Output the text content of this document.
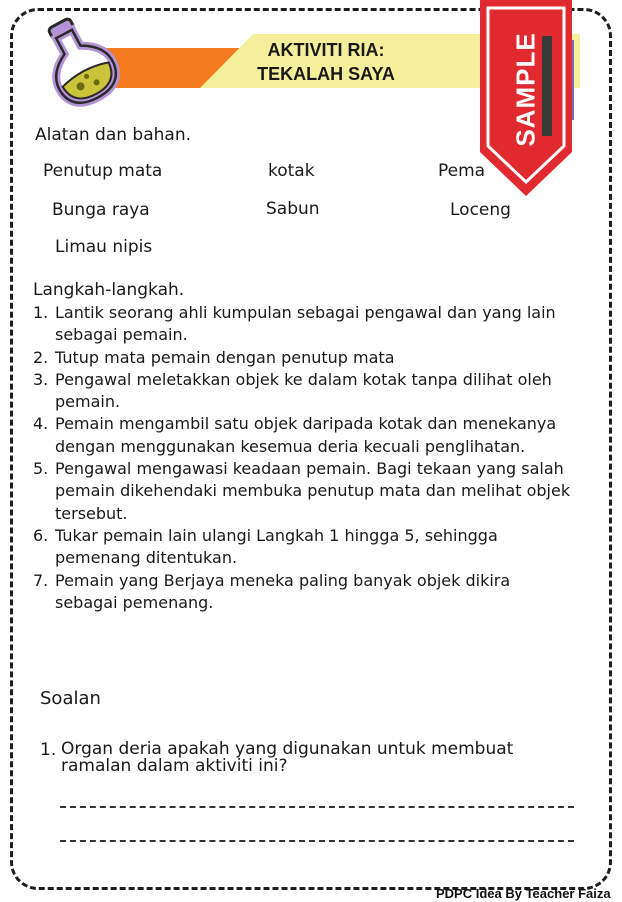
AKTIVITI RIA:
TEKALAH SAYA	SAMPLE
Alatan dan bahan.
Penutup mata	kotak	Pema
Bunga raya	Sabun	Loceng
Limau nipis
Langkah-langkah.
1. Lantik seorang ahli kumpulan sebagai pengawal dan yang lain sebagai pemain.
2. Tutup mata pemain dengan penutup mata
3. Pengawal meletakkan objek ke dalam kotak tanpa dilihat oleh pemain.
4. Pemain mengambil satu objek daripada kotak dan menekanya dengan menggunakan kesemua deria kecuali penglihatan.
5. Pengawal mengawasi keadaan pemain. Bagi tekaan yang salah pemain dikehendaki membuka penutup mata dan melihat objek tersebut.
6. Tukar pemain lain ulangi Langkah 1 hingga 5, sehingga pemenang ditentukan.
7. Pemain yang Berjaya meneka paling banyak objek dikira sebagai pemenang.
Soalan
1. Organ deria apakah yang digunakan untuk membuat
ramalan dalam aktiviti ini?
PDPC Idea By Teacher Faiza
